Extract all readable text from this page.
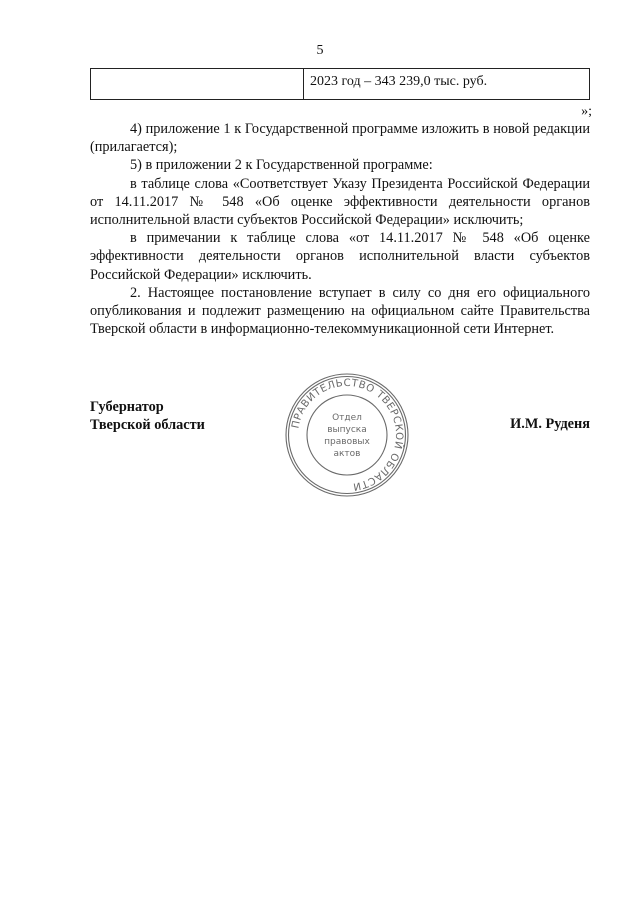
5
2023 год – 343 239,0 тыс. руб.
»;

4) приложение 1 к Государственной программе изложить в новой редакции (прилагается);

5) в приложении 2 к Государственной программе:

в таблице слова «Соответствует Указу Президента Российской Федерации от 14.11.2017 № 548 «Об оценке эффективности деятельности органов исполнительной власти субъектов Российской Федерации» исключить;

в примечании к таблице слова «от 14.11.2017 № 548 «Об оценке эффективности деятельности органов исполнительной власти субъектов Российской Федерации» исключить.

2. Настоящее постановление вступает в силу со дня его официального опубликования и подлежит размещению на официальном сайте Правительства Тверской области в информационно-телекоммуникационной сети Интернет.

Губернатор
Тверской области	И.М. Руденя
ПРАВИТЕЛЬСТВО ТВЕРСКОЙ ОБЛАСТИ
Отдел
выпуска
правовых
актов
